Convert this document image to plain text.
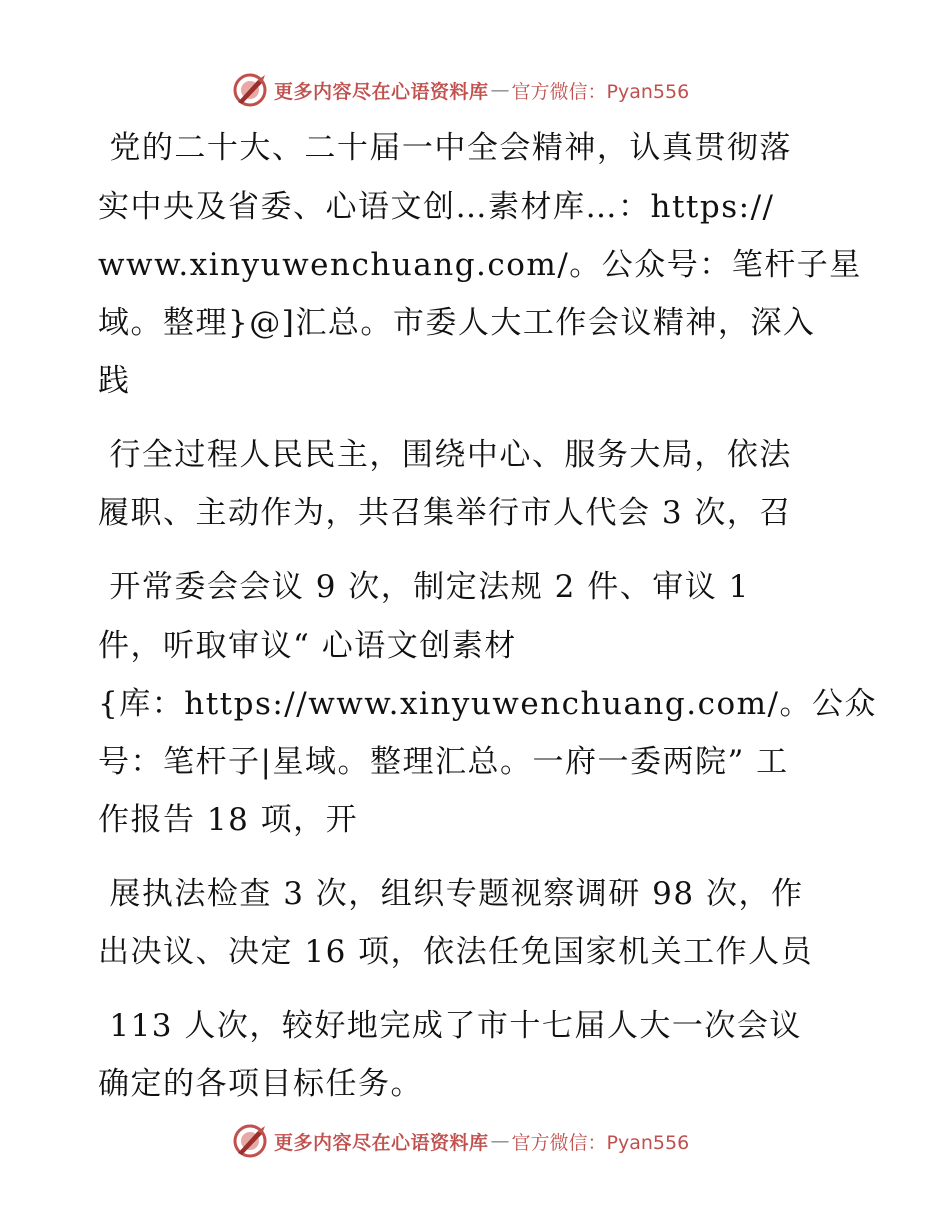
更多内容尽在心语资料库 — 官方微信：Pyan556
党的二十大、二十届一中全会精神，认真贯彻落
实中央及省委、心语文创…素材库…：https://
www.xinyuwenchuang.com/。公众号：笔杆子星
域。整理}@]汇总。市委人大工作会议精神，深入
践
行全过程人民民主，围绕中心、服务大局，依法
履职、主动作为，共召集举行市人代会 3 次，召
开常委会会议 9 次，制定法规 2 件、审议 1
件，听取审议“ 心语文创素材
{库：https://www.xinyuwenchuang.com/。公众
号：笔杆子|星域。整理汇总。一府一委两院” 工
作报告 18 项，开
展执法检查 3 次，组织专题视察调研 98 次，作
出决议、决定 16 项，依法任免国家机关工作人员
113 人次，较好地完成了市十七届人大一次会议
确定的各项目标任务。
更多内容尽在心语资料库 — 官方微信：Pyan556
